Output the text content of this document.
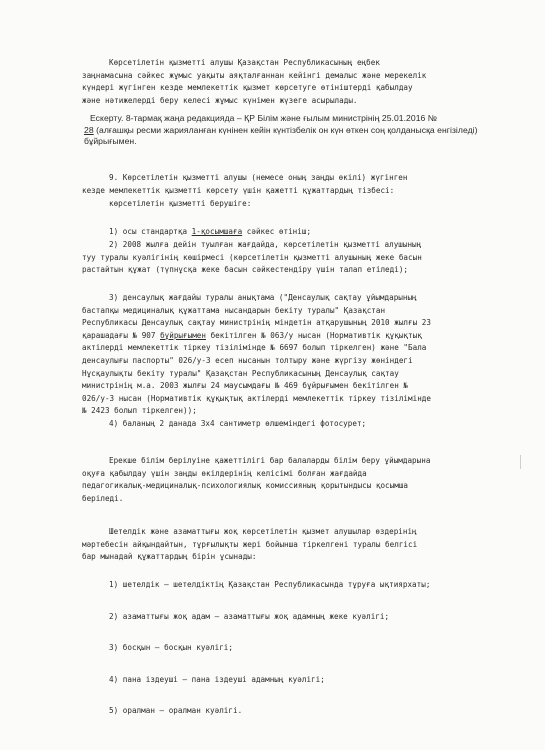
Көрсетілетін қызметті алушы Қазақстан Республикасының еңбек
заңнамасына сәйкес жұмыс уақыты аяқталғаннан кейінгі демалыс және мерекелік
күндері жүгінген кезде мемлекеттік қызмет көрсетуге өтініштерді қабылдау
және нәтижелерді беру келесі жұмыс күнімен жүзеге асырылады.
Ескерту. 8-тармақ жаңа редакцияда – ҚР Білім және ғылым министрінің 25.01.2016 №
28 (алғашқы ресми жарияланған күнінен кейін күнтізбелік он күн өткен соң қолданысқа енгізіледі)
бұйрығымен.
9. Көрсетілетін қызметті алушы (немесе оның заңды өкілі) жүгінген
кезде мемлекеттік қызметті көрсету үшін қажетті құжаттардың тізбесі:
көрсетілетін қызметті берушіге:
1) осы стандартқа 1-қосымшаға сәйкес өтініш;
2) 2008 жылға дейін туылған жағдайда, көрсетілетін қызметті алушының
туу туралы куәлігінің көшірмесі (көрсетілетін қызметті алушының жеке басын
растайтын құжат (түпнұсқа жеке басын сәйкестендіру үшін талап етіледі);
3) денсаулық жағдайы туралы анықтама ("Денсаулық сақтау ұйымдарының
бастапқы медициналық құжаттама нысандарын бекіту туралы" Қазақстан
Республикасы Денсаулық сақтау министрінің міндетін атқарушының 2010 жылғы 23
қарашадағы № 907 бұйрығымен бекітілген № 063/у нысан (Нормативтік құқықтық
актілерді мемлекеттік тіркеу тізілімінде № 6697 болып тіркелген) және "Бала
денсаулығы паспорты" 026/у-3 есеп нысанын толтыру және жүргізу жөніндегі
Нұсқаулықты бекіту туралы" Қазақстан Республикасының Денсаулық сақтау
министрінің м.а. 2003 жылғы 24 маусымдағы № 469 бұйрығымен бекітілген №
026/у-3 нысан (Нормативтік құқықтық актілерді мемлекеттік тіркеу тізілімінде
№ 2423 болып тіркелген));
4) баланың 2 данада 3х4 сантиметр өлшеміндегі фотосурет;
Ерекше білім берілуіне қажеттілігі бар балаларды білім беру ұйымдарына
оқуға қабылдау үшін заңды өкілдерінің келісімі болған жағдайда
педагогикалық-медициналық-психологиялық комиссияның қорытындысы қосымша
беріледі.
Шетелдік және азаматтығы жоқ көрсетілетін қызмет алушылар өздерінің
мәртебесін айқындайтын, тұрғылықты жері бойынша тіркелгені туралы белгісі
бар мынадай құжаттардың бірін ұсынады:
1) шетелдік – шетелдіктің Қазақстан Республикасында тұруға ықтиярхаты;
2) азаматтығы жоқ адам – азаматтығы жоқ адамның жеке куәлігі;
3) босқын – босқын куәлігі;
4) пана іздеуші – пана іздеуші адамның куәлігі;
5) оралман – оралман куәлігі.
